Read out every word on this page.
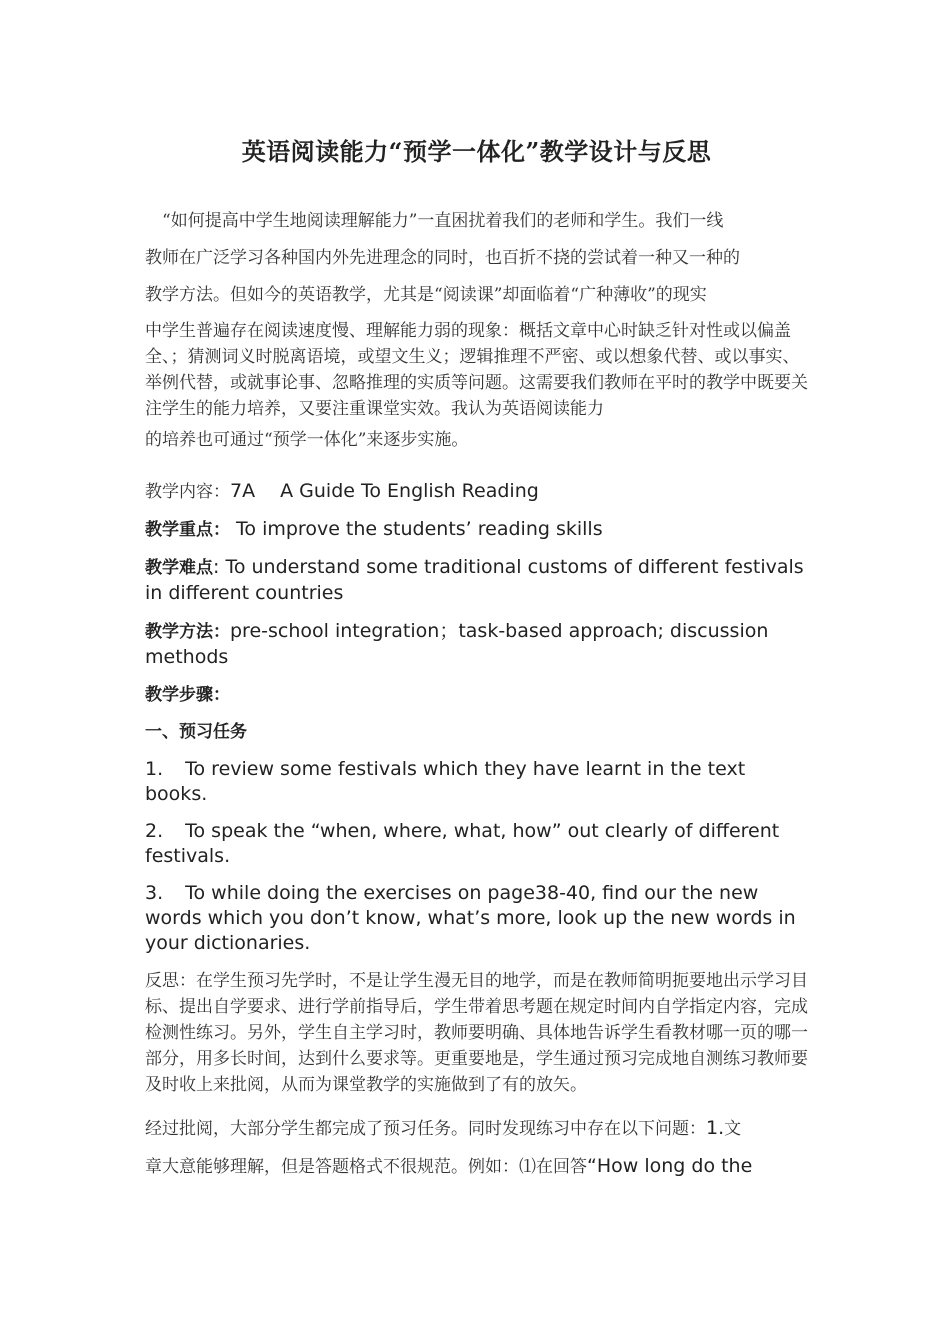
英语阅读能力“预学一体化”教学设计与反思

　“如何提高中学生地阅读理解能力”一直困扰着我们的老师和学生。我们一线

教师在广泛学习各种国内外先进理念的同时，也百折不挠的尝试着一种又一种的

教学方法。但如今的英语教学，尤其是“阅读课”却面临着“广种薄收”的现实

中学生普遍存在阅读速度慢、理解能力弱的现象：概括文章中心时缺乏针对性或以偏盖全、；猜测词义时脱离语境，或望文生义；逻辑推理不严密、或以想象代替、或以事实、举例代替，或就事论事、忽略推理的实质等问题。这需要我们教师在平时的教学中既要关注学生的能力培养，又要注重课堂实效。我认为英语阅读能力

的培养也可通过“预学一体化”来逐步实施。

教学内容：7A　 A Guide To English Reading

教学重点： To improve the students’ reading skills

教学难点: To understand some traditional customs of different festivals in different countries

教学方法：pre-school integration；task-based approach; discussion methods

教学步骤：

一、预习任务

1. To review some festivals which they have learnt in the text books.

2. To speak the “when, where, what, how” out clearly of different festivals.

3. To while doing the exercises on page38-40, find our the new words which you don’t know, what’s more, look up the new words in your dictionaries.

反思：在学生预习先学时，不是让学生漫无目的地学，而是在教师简明扼要地出示学习目标、提出自学要求、进行学前指导后，学生带着思考题在规定时间内自学指定内容，完成检测性练习。另外，学生自主学习时，教师要明确、具体地告诉学生看教材哪一页的哪一部分，用多长时间，达到什么要求等。更重要地是，学生通过预习完成地自测练习教师要及时收上来批阅，从而为课堂教学的实施做到了有的放矢。

经过批阅，大部分学生都完成了预习任务。同时发现练习中存在以下问题：1.文

章大意能够理解，但是答题格式不很规范。例如：⑴在回答“How long do the
